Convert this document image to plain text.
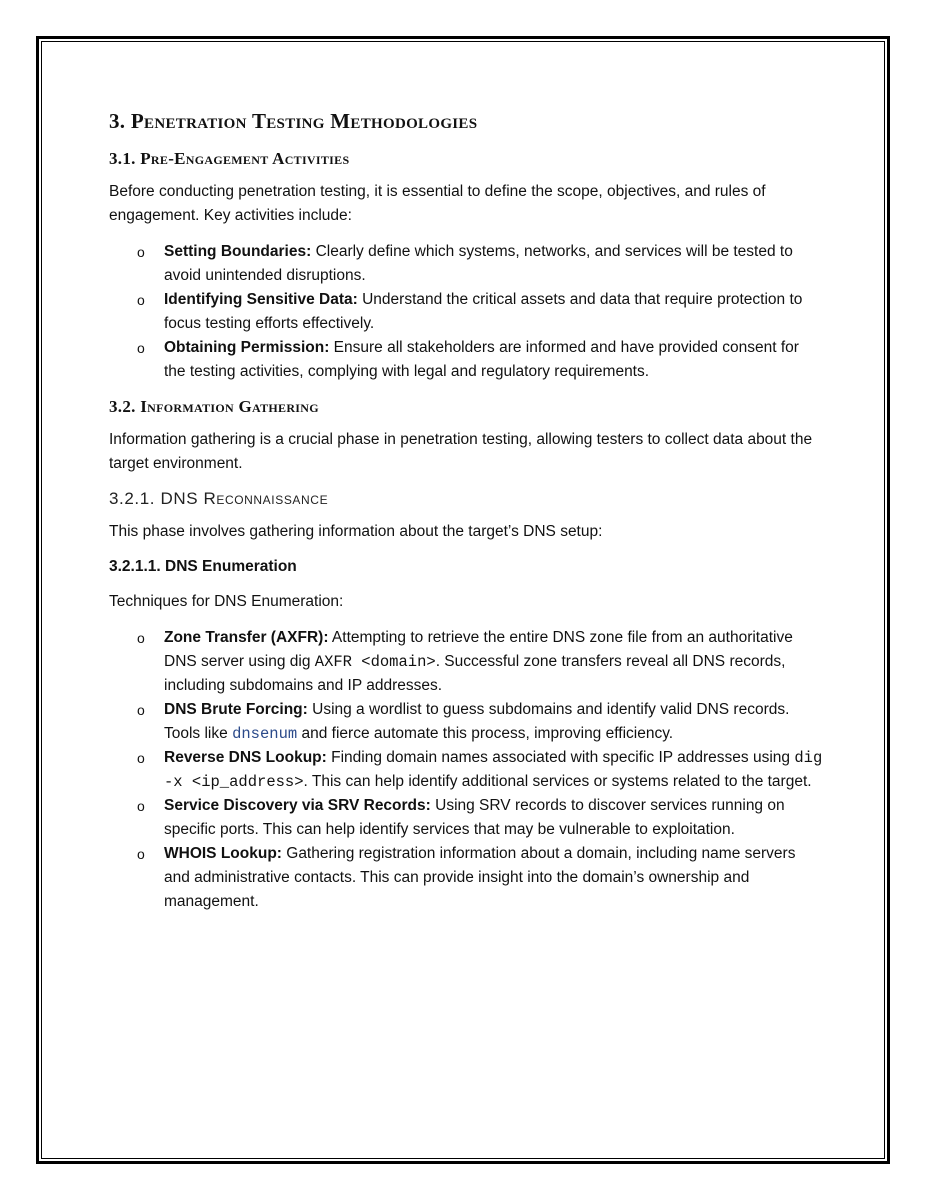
3. Penetration Testing Methodologies
3.1. Pre-Engagement Activities

Before conducting penetration testing, it is essential to define the scope, objectives, and rules of engagement. Key activities include:

o Setting Boundaries: Clearly define which systems, networks, and services will be tested to avoid unintended disruptions.
o Identifying Sensitive Data: Understand the critical assets and data that require protection to focus testing efforts effectively.
o Obtaining Permission: Ensure all stakeholders are informed and have provided consent for the testing activities, complying with legal and regulatory requirements.
3.2. Information Gathering

Information gathering is a crucial phase in penetration testing, allowing testers to collect data about the target environment.

3.2.1. DNS Reconnaissance

This phase involves gathering information about the target’s DNS setup:

3.2.1.1. DNS Enumeration

Techniques for DNS Enumeration:

o Zone Transfer (AXFR): Attempting to retrieve the entire DNS zone file from an authoritative DNS server using dig AXFR <domain>. Successful zone transfers reveal all DNS records, including subdomains and IP addresses.
o DNS Brute Forcing: Using a wordlist to guess subdomains and identify valid DNS records. Tools like dnsenum and fierce automate this process, improving efficiency.
o Reverse DNS Lookup: Finding domain names associated with specific IP addresses using dig -x <ip_address>. This can help identify additional services or systems related to the target.
o Service Discovery via SRV Records: Using SRV records to discover services running on specific ports. This can help identify services that may be vulnerable to exploitation.
o WHOIS Lookup: Gathering registration information about a domain, including name servers and administrative contacts. This can provide insight into the domain’s ownership and management.
